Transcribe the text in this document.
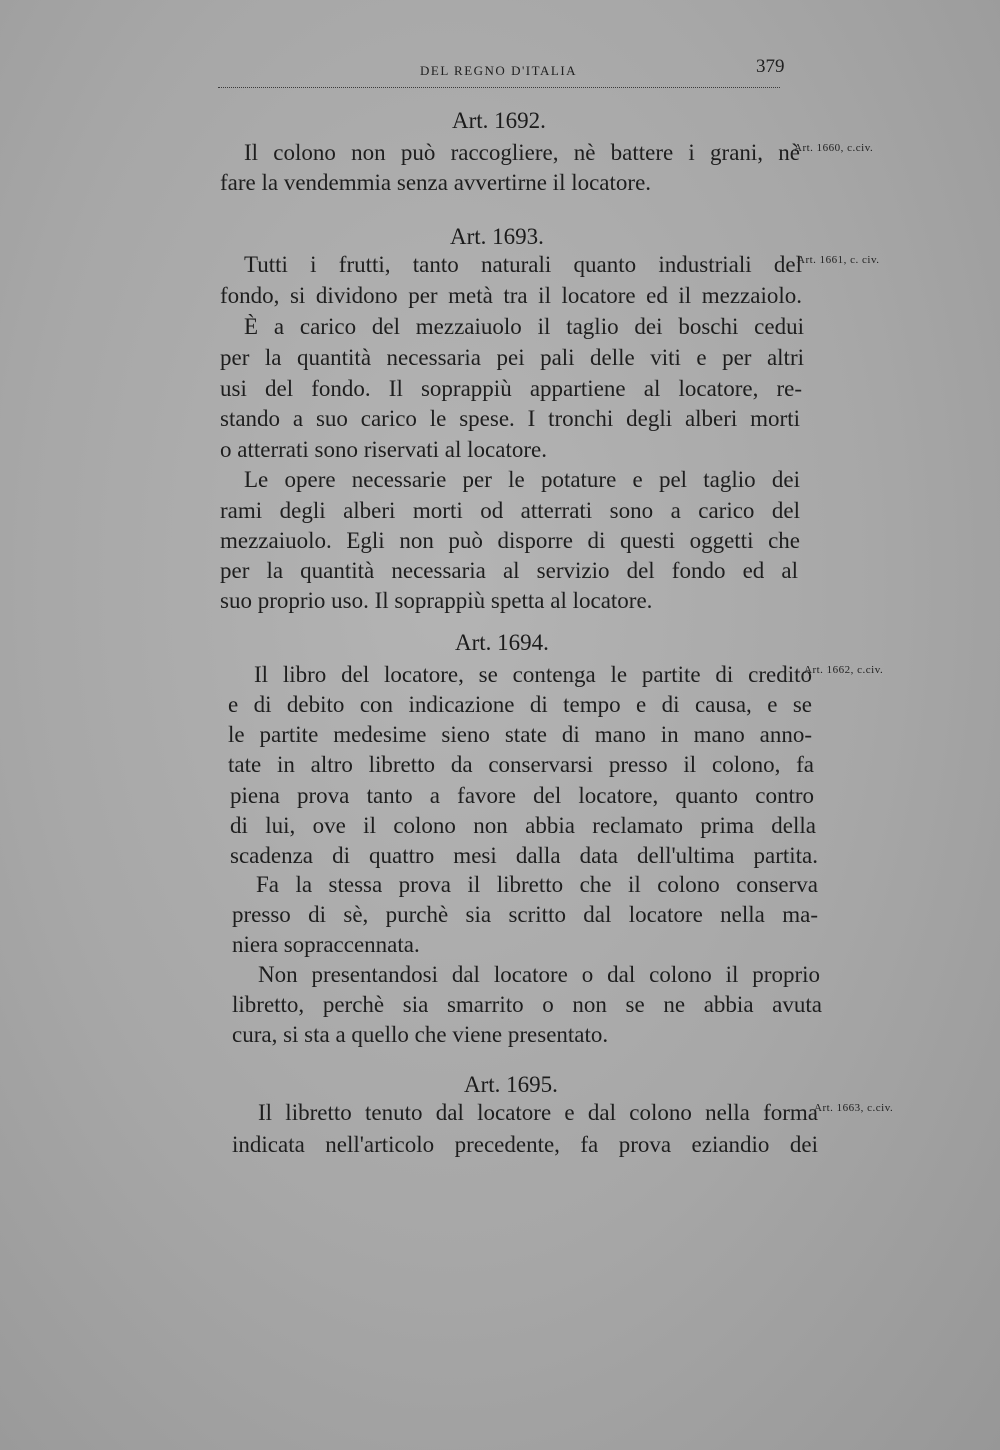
DEL REGNO D'ITALIA	379
Art. 1692.
Art. 1660, c.civ.
Il colono non può raccogliere, nè battere i grani, nè
fare la vendemmia senza avvertirne il locatore.
Art. 1693.
Art. 1661, c. civ.
Tutti i frutti, tanto naturali quanto industriali del
fondo, si dividono per metà tra il locatore ed il mezzaiolo.
È a carico del mezzaiuolo il taglio dei boschi cedui
per la quantità necessaria pei pali delle viti e per altri
usi del fondo. Il soprappiù appartiene al locatore, re-
stando a suo carico le spese. I tronchi degli alberi morti
o atterrati sono riservati al locatore.
Le opere necessarie per le potature e pel taglio dei
rami degli alberi morti od atterrati sono a carico del
mezzaiuolo. Egli non può disporre di questi oggetti che
per la quantità necessaria al servizio del fondo ed al
suo proprio uso. Il soprappiù spetta al locatore.
Art. 1694.
Art. 1662, c.civ.
Il libro del locatore, se contenga le partite di credito
e di debito con indicazione di tempo e di causa, e se
le partite medesime sieno state di mano in mano anno-
tate in altro libretto da conservarsi presso il colono, fa
piena prova tanto a favore del locatore, quanto contro
di lui, ove il colono non abbia reclamato prima della
scadenza di quattro mesi dalla data dell'ultima partita.
Fa la stessa prova il libretto che il colono conserva
presso di sè, purchè sia scritto dal locatore nella ma-
niera sopraccennata.
Non presentandosi dal locatore o dal colono il proprio
libretto, perchè sia smarrito o non se ne abbia avuta
cura, si sta a quello che viene presentato.
Art. 1695.
Art. 1663, c.civ.
Il libretto tenuto dal locatore e dal colono nella forma
indicata nell'articolo precedente, fa prova eziandio dei
